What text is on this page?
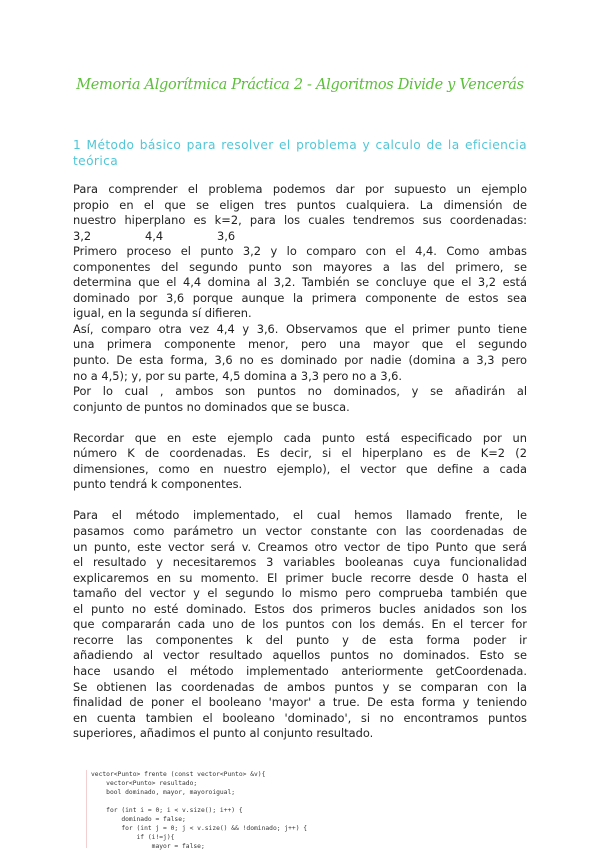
Memoria Algorítmica Práctica 2 - Algoritmos Divide y Vencerás
1 Método básico para resolver el problema y calculo de la eficiencia teórica
Para comprender el problema podemos dar por supuesto un ejemplo
propio en el que se eligen tres puntos cualquiera. La dimensión de
nuestro hiperplano es k=2, para los cuales tendremos sus coordenadas:
3,2	4,4	3,6
Primero proceso el punto 3,2 y lo comparo con el 4,4. Como ambas
componentes del segundo punto son mayores a las del primero, se
determina que el 4,4 domina al 3,2. También se concluye que el 3,2 está
dominado por 3,6 porque aunque la primera componente de estos sea
igual, en la segunda sí difieren.
Así, comparo otra vez 4,4 y 3,6. Observamos que el primer punto tiene
una primera componente menor, pero una mayor que el segundo
punto. De esta forma, 3,6 no es dominado por nadie (domina a 3,3 pero
no a 4,5); y, por su parte, 4,5 domina a 3,3 pero no a 3,6.
Por lo cual , ambos son puntos no dominados, y se añadirán al
conjunto de puntos no dominados que se busca.
Recordar que en este ejemplo cada punto está especificado por un
número K de coordenadas. Es decir, si el hiperplano es de K=2 (2
dimensiones, como en nuestro ejemplo), el vector que define a cada
punto tendrá k componentes.
Para el método implementado, el cual hemos llamado frente, le
pasamos como parámetro un vector constante con las coordenadas de
un punto, este vector será v. Creamos otro vector de tipo Punto que será
el resultado y necesitaremos 3 variables booleanas cuya funcionalidad
explicaremos en su momento. El primer bucle recorre desde 0 hasta el
tamaño del vector y el segundo lo mismo pero comprueba también que
el punto no esté dominado. Estos dos primeros bucles anidados son los
que compararán cada uno de los puntos con los demás. En el tercer for
recorre las componentes k del punto y de esta forma poder ir
añadiendo al vector resultado aquellos puntos no dominados. Esto se
hace usando el método implementado anteriormente getCoordenada.
Se obtienen las coordenadas de ambos puntos y se comparan con la
finalidad de poner el booleano 'mayor' a true. De esta forma y teniendo
en cuenta tambien el booleano 'dominado', si no encontramos puntos
superiores, añadimos el punto al conjunto resultado.
vector<Punto> frente (const vector<Punto> &v){
vector<Punto> resultado;
bool dominado, mayor, mayoroigual;
for (int i = 0; i < v.size(); i++) {
dominado = false;
for (int j = 0; j < v.size() && !dominado; j++) {
if (i!=j){
mayor = false;
